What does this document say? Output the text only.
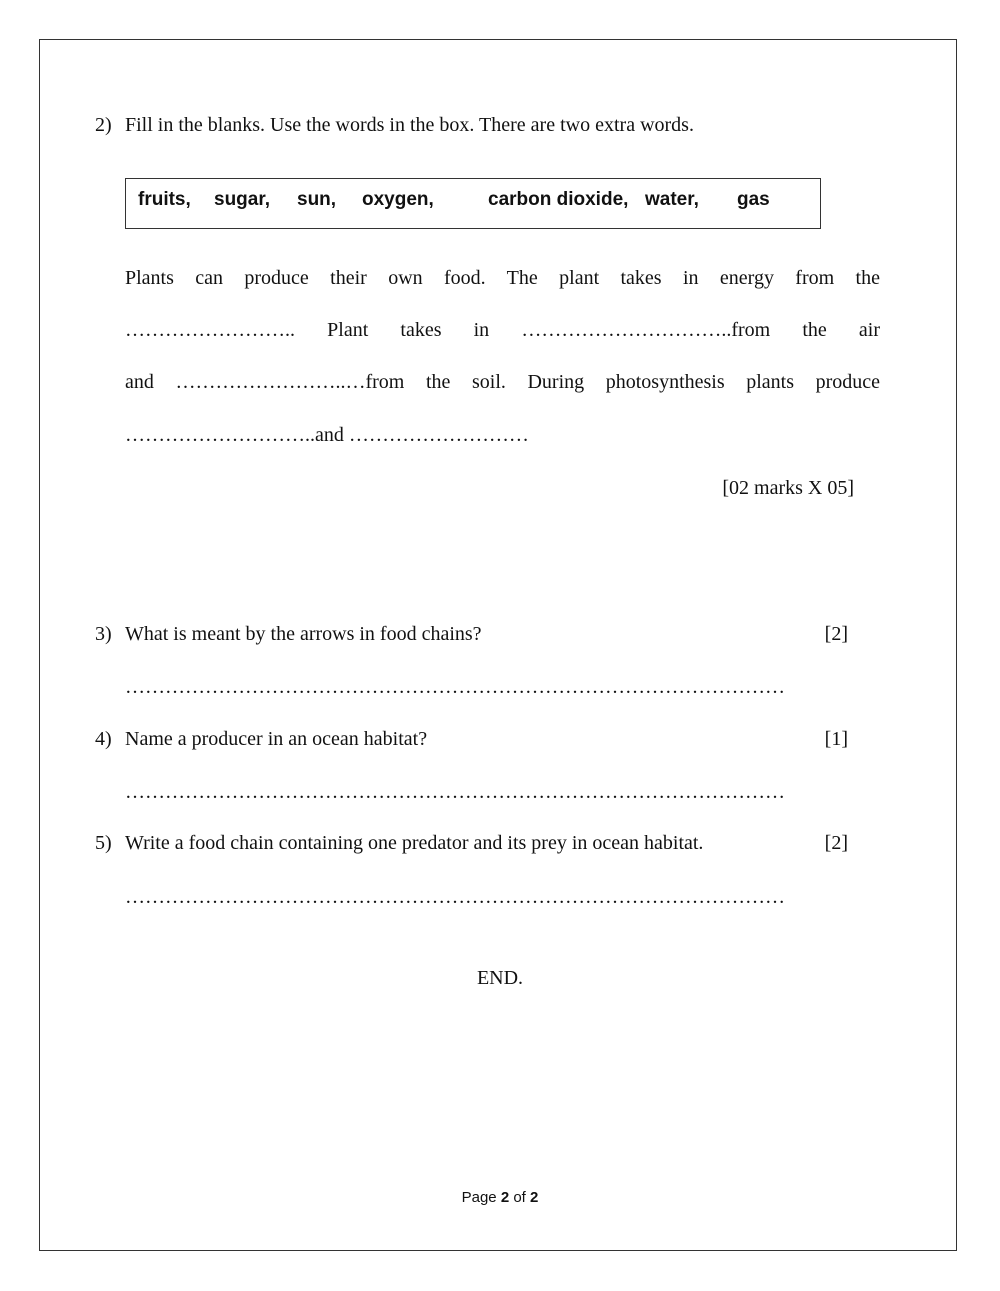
2) Fill in the blanks. Use the words in the box. There are two extra words.
fruits, sugar, sun, oxygen,	carbon dioxide, water, gas
Plants can produce their own food. The plant takes in energy from the
…………………….. Plant takes in …………………………..from the air
and ……………………..…from the soil. During photosynthesis plants produce
………………………..and ………………………
[02 marks X 05]
3) What is meant by the arrows in food chains?	[2]
………………………………………………………………………………………
4) Name a producer in an ocean habitat?	[1]
………………………………………………………………………………………
5) Write a food chain containing one predator and its prey in ocean habitat.	[2]
………………………………………………………………………………………
END.
Page 2 of 2
